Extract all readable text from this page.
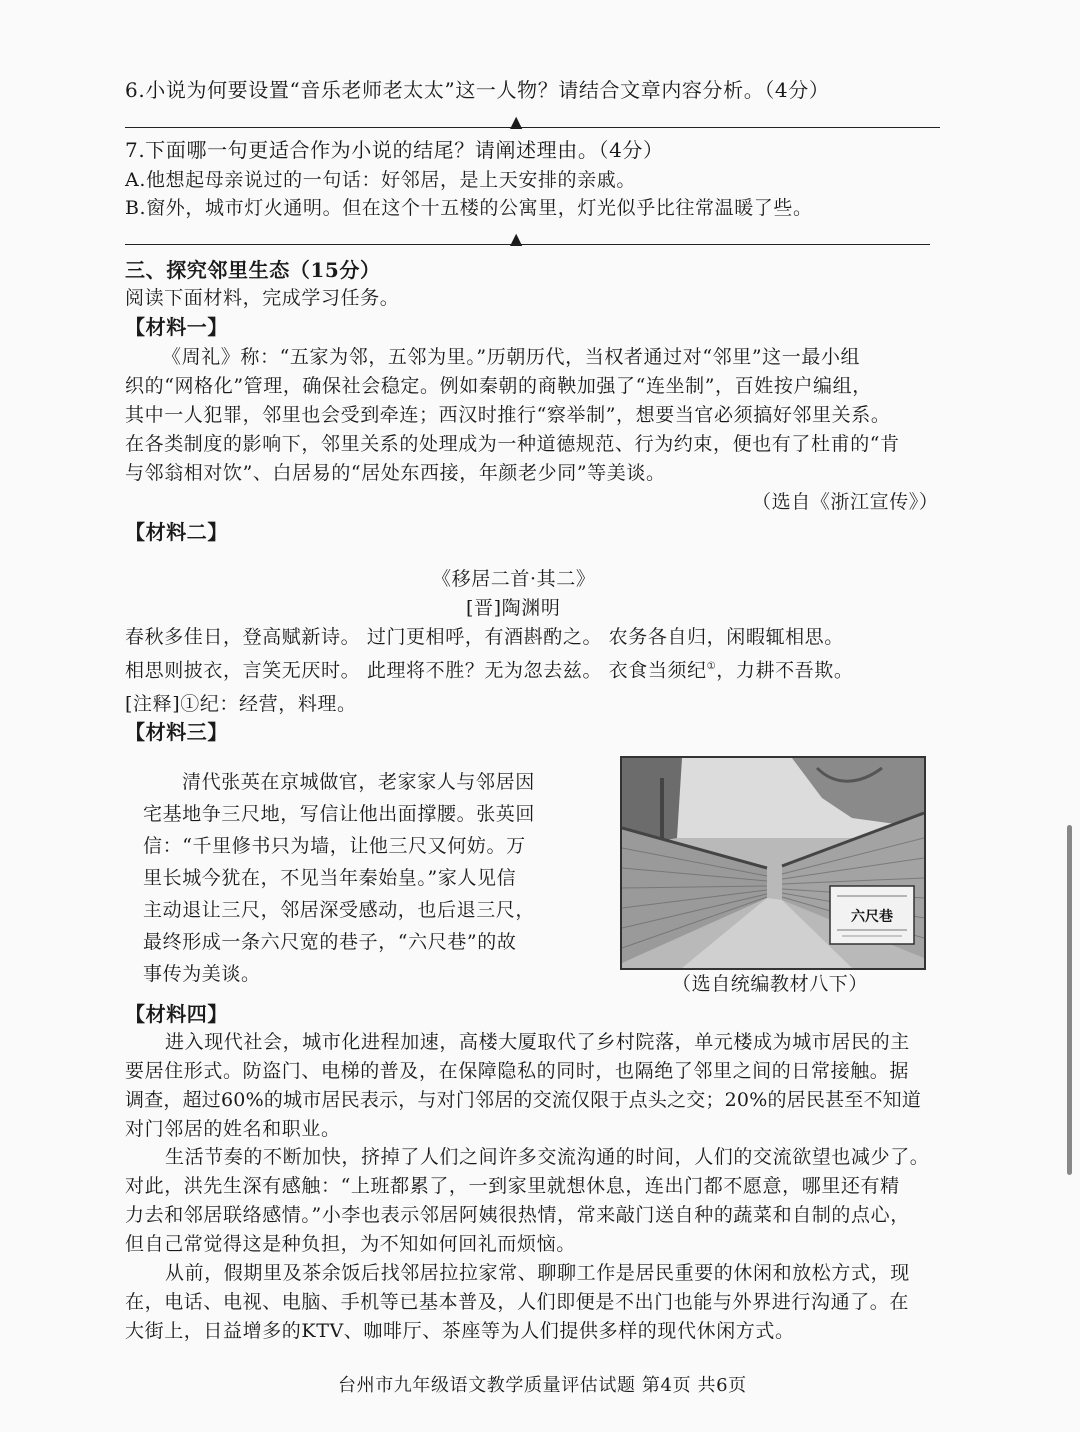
6.小说为何要设置“音乐老师老太太”这一人物？请结合文章内容分析。（4分）
▲
7.下面哪一句更适合作为小说的结尾？请阐述理由。（4分）
A.他想起母亲说过的一句话：好邻居，是上天安排的亲戚。
B.窗外，城市灯火通明。但在这个十五楼的公寓里，灯光似乎比往常温暖了些。
▲
三、探究邻里生态（15分）
阅读下面材料，完成学习任务。
【材料一】
《周礼》称：“五家为邻，五邻为里。”历朝历代，当权者通过对“邻里”这一最小组
织的“网格化”管理，确保社会稳定。例如秦朝的商鞅加强了“连坐制”，百姓按户编组，
其中一人犯罪，邻里也会受到牵连；西汉时推行“察举制”，想要当官必须搞好邻里关系。
在各类制度的影响下，邻里关系的处理成为一种道德规范、行为约束，便也有了杜甫的“肯
与邻翁相对饮”、白居易的“居处东西接，年颜老少同”等美谈。
（选自《浙江宣传》）
【材料二】
《移居二首·其二》
[晋]陶渊明
春秋多佳日，登高赋新诗。 过门更相呼，有酒斟酌之。 农务各自归，闲暇辄相思。
相思则披衣，言笑无厌时。 此理将不胜？无为忽去兹。 衣食当须纪①，力耕不吾欺。
[注释]①纪：经营，料理。
【材料三】
清代张英在京城做官，老家家人与邻居因
宅基地争三尺地，写信让他出面撑腰。张英回
信：“千里修书只为墙，让他三尺又何妨。万
里长城今犹在，不见当年秦始皇。”家人见信
主动退让三尺，邻居深受感动，也后退三尺，
最终形成一条六尺宽的巷子，“六尺巷”的故
事传为美谈。
六尺巷
（选自统编教材八下）
【材料四】
进入现代社会，城市化进程加速，高楼大厦取代了乡村院落，单元楼成为城市居民的主
要居住形式。防盗门、电梯的普及，在保障隐私的同时，也隔绝了邻里之间的日常接触。据
调查，超过60%的城市居民表示，与对门邻居的交流仅限于点头之交；20%的居民甚至不知道
对门邻居的姓名和职业。
生活节奏的不断加快，挤掉了人们之间许多交流沟通的时间，人们的交流欲望也减少了。
对此，洪先生深有感触：“上班都累了，一到家里就想休息，连出门都不愿意，哪里还有精
力去和邻居联络感情。”小李也表示邻居阿姨很热情，常来敲门送自种的蔬菜和自制的点心，
但自己常觉得这是种负担，为不知如何回礼而烦恼。
从前，假期里及茶余饭后找邻居拉拉家常、聊聊工作是居民重要的休闲和放松方式，现
在，电话、电视、电脑、手机等已基本普及，人们即便是不出门也能与外界进行沟通了。在
大街上，日益增多的KTV、咖啡厅、茶座等为人们提供多样的现代休闲方式。
台州市九年级语文教学质量评估试题 第4页 共6页
